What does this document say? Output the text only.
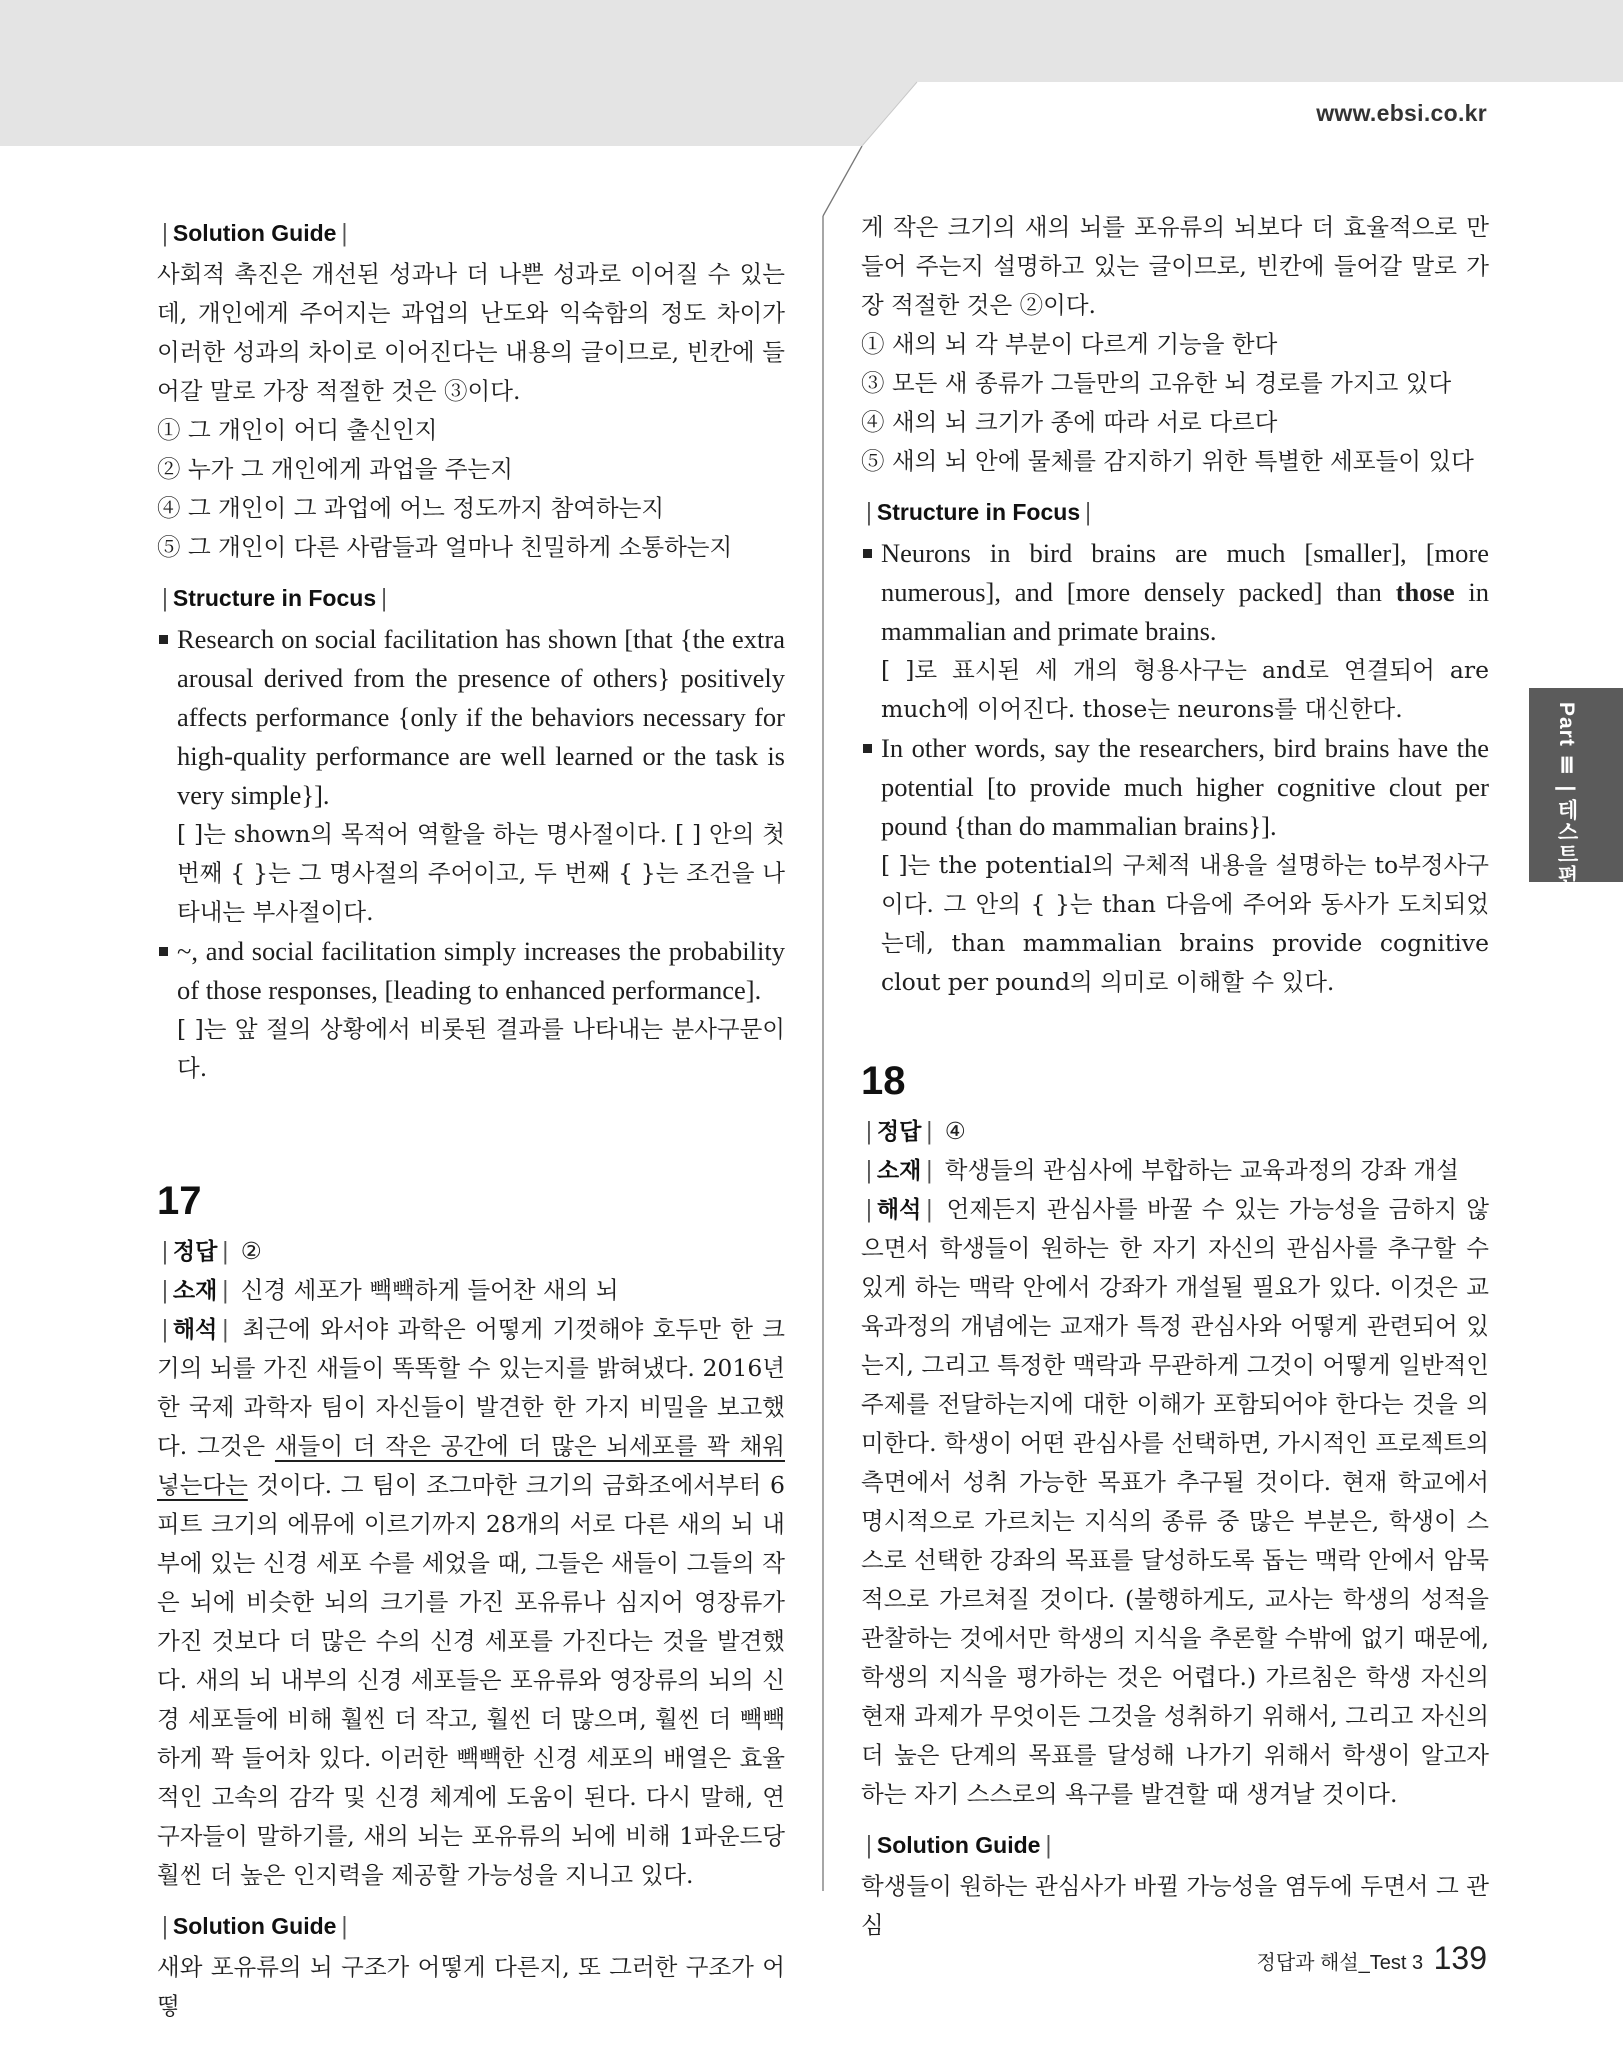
www.ebsi.co.kr
Part Ⅲ | 테스트편
| Solution Guide |

사회적 촉진은 개선된 성과나 더 나쁜 성과로 이어질 수 있는데, 개인에게 주어지는 과업의 난도와 익숙함의 정도 차이가 이러한 성과의 차이로 이어진다는 내용의 글이므로, 빈칸에 들어갈 말로 가장 적절한 것은 ③이다.

① 그 개인이 어디 출신인지

② 누가 그 개인에게 과업을 주는지

④ 그 개인이 그 과업에 어느 정도까지 참여하는지

⑤ 그 개인이 다른 사람들과 얼마나 친밀하게 소통하는지

| Structure in Focus |

Research on social facilitation has shown [that {the extra arousal derived from the presence of others} positively affects performance {only if the behaviors necessary for high-quality performance are well learned or the task is very simple}].

[ ]는 shown의 목적어 역할을 하는 명사절이다. [ ] 안의 첫 번째 { }는 그 명사절의 주어이고, 두 번째 { }는 조건을 나타내는 부사절이다.

~, and social facilitation simply increases the probability of those responses, [leading to enhanced performance].

[ ]는 앞 절의 상황에서 비롯된 결과를 나타내는 분사구문이다.

17

| 정답 | ②

| 소재 | 신경 세포가 빽빽하게 들어찬 새의 뇌

| 해석 | 최근에 와서야 과학은 어떻게 기껏해야 호두만 한 크기의 뇌를 가진 새들이 똑똑할 수 있는지를 밝혀냈다. 2016년 한 국제 과학자 팀이 자신들이 발견한 한 가지 비밀을 보고했다. 그것은 새들이 더 작은 공간에 더 많은 뇌세포를 꽉 채워 넣는다는 것이다. 그 팀이 조그마한 크기의 금화조에서부터 6피트 크기의 에뮤에 이르기까지 28개의 서로 다른 새의 뇌 내부에 있는 신경 세포 수를 세었을 때, 그들은 새들이 그들의 작은 뇌에 비슷한 뇌의 크기를 가진 포유류나 심지어 영장류가 가진 것보다 더 많은 수의 신경 세포를 가진다는 것을 발견했다. 새의 뇌 내부의 신경 세포들은 포유류와 영장류의 뇌의 신경 세포들에 비해 훨씬 더 작고, 훨씬 더 많으며, 훨씬 더 빽빽하게 꽉 들어차 있다. 이러한 빽빽한 신경 세포의 배열은 효율적인 고속의 감각 및 신경 체계에 도움이 된다. 다시 말해, 연구자들이 말하기를, 새의 뇌는 포유류의 뇌에 비해 1파운드당 훨씬 더 높은 인지력을 제공할 가능성을 지니고 있다.

| Solution Guide |

새와 포유류의 뇌 구조가 어떻게 다른지, 또 그러한 구조가 어떻

게 작은 크기의 새의 뇌를 포유류의 뇌보다 더 효율적으로 만들어 주는지 설명하고 있는 글이므로, 빈칸에 들어갈 말로 가장 적절한 것은 ②이다.

① 새의 뇌 각 부분이 다르게 기능을 한다

③ 모든 새 종류가 그들만의 고유한 뇌 경로를 가지고 있다

④ 새의 뇌 크기가 종에 따라 서로 다르다

⑤ 새의 뇌 안에 물체를 감지하기 위한 특별한 세포들이 있다

| Structure in Focus |

Neurons in bird brains are much [smaller], [more numerous], and [more densely packed] than those in mammalian and primate brains.

[ ]로 표시된 세 개의 형용사구는 and로 연결되어 are much에 이어진다. those는 neurons를 대신한다.

In other words, say the researchers, bird brains have the potential [to provide much higher cognitive clout per pound {than do mammalian brains}].

[ ]는 the potential의 구체적 내용을 설명하는 to부정사구이다. 그 안의 { }는 than 다음에 주어와 동사가 도치되었는데, than mammalian brains provide cognitive clout per pound의 의미로 이해할 수 있다.

18

| 정답 | ④

| 소재 | 학생들의 관심사에 부합하는 교육과정의 강좌 개설

| 해석 | 언제든지 관심사를 바꿀 수 있는 가능성을 금하지 않으면서 학생들이 원하는 한 자기 자신의 관심사를 추구할 수 있게 하는 맥락 안에서 강좌가 개설될 필요가 있다. 이것은 교육과정의 개념에는 교재가 특정 관심사와 어떻게 관련되어 있는지, 그리고 특정한 맥락과 무관하게 그것이 어떻게 일반적인 주제를 전달하는지에 대한 이해가 포함되어야 한다는 것을 의미한다. 학생이 어떤 관심사를 선택하면, 가시적인 프로젝트의 측면에서 성취 가능한 목표가 추구될 것이다. 현재 학교에서 명시적으로 가르치는 지식의 종류 중 많은 부분은, 학생이 스스로 선택한 강좌의 목표를 달성하도록 돕는 맥락 안에서 암묵적으로 가르쳐질 것이다. (불행하게도, 교사는 학생의 성적을 관찰하는 것에서만 학생의 지식을 추론할 수밖에 없기 때문에, 학생의 지식을 평가하는 것은 어렵다.) 가르침은 학생 자신의 현재 과제가 무엇이든 그것을 성취하기 위해서, 그리고 자신의 더 높은 단계의 목표를 달성해 나가기 위해서 학생이 알고자 하는 자기 스스로의 욕구를 발견할 때 생겨날 것이다.

| Solution Guide |

학생들이 원하는 관심사가 바뀔 가능성을 염두에 두면서 그 관심

정답과 해설_Test 3 139
